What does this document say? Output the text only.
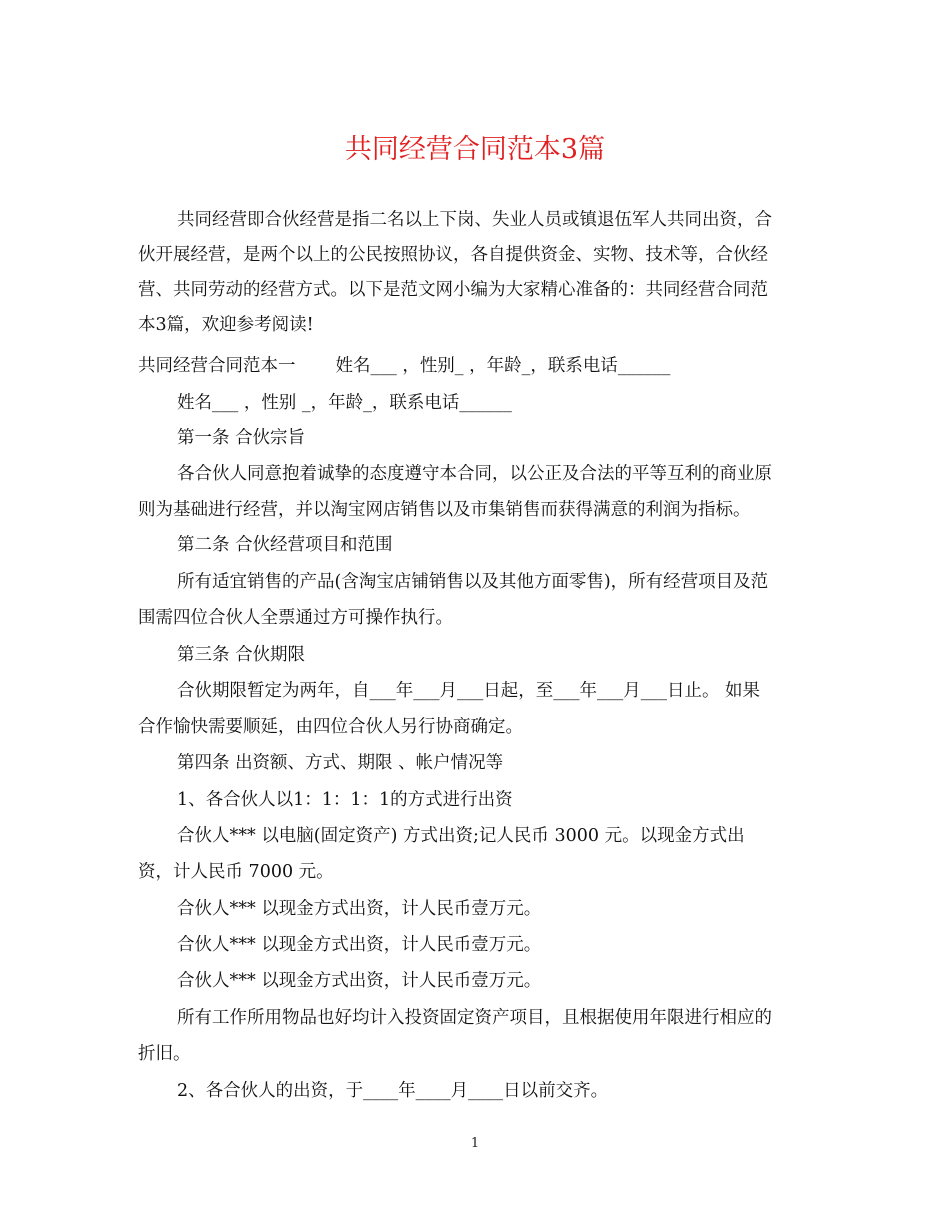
共同经营合同范本3篇
共同经营即合伙经营是指二名以上下岗、失业人员或镇退伍军人共同出资，合
伙开展经营，是两个以上的公民按照协议，各自提供资金、实物、技术等，合伙经
营、共同劳动的经营方式。以下是范文网小编为大家精心准备的：共同经营合同范
本3篇，欢迎参考阅读!
共同经营合同范本一 姓名___ ，性别_ ，年龄_，联系电话______
姓名___ ，性别 _，年龄_，联系电话______
第一条 合伙宗旨
各合伙人同意抱着诚挚的态度遵守本合同，以公正及合法的平等互利的商业原
则为基础进行经营，并以淘宝网店销售以及市集销售而获得满意的利润为指标。
第二条 合伙经营项目和范围
所有适宜销售的产品(含淘宝店铺销售以及其他方面零售)，所有经营项目及范
围需四位合伙人全票通过方可操作执行。
第三条 合伙期限
合伙期限暂定为两年，自___年___月___日起，至___年___月___日止。 如果
合作愉快需要顺延，由四位合伙人另行协商确定。
第四条 出资额、方式、期限 、帐户情况等
1、各合伙人以1：1：1：1的方式进行出资
合伙人*** 以电脑(固定资产) 方式出资;记人民币 3000 元。以现金方式出
资，计人民币 7000 元。
合伙人*** 以现金方式出资，计人民币壹万元。
合伙人*** 以现金方式出资，计人民币壹万元。
合伙人*** 以现金方式出资，计人民币壹万元。
所有工作所用物品也好均计入投资固定资产项目，且根据使用年限进行相应的
折旧。
2、各合伙人的出资，于____年____月____日以前交齐。
1
